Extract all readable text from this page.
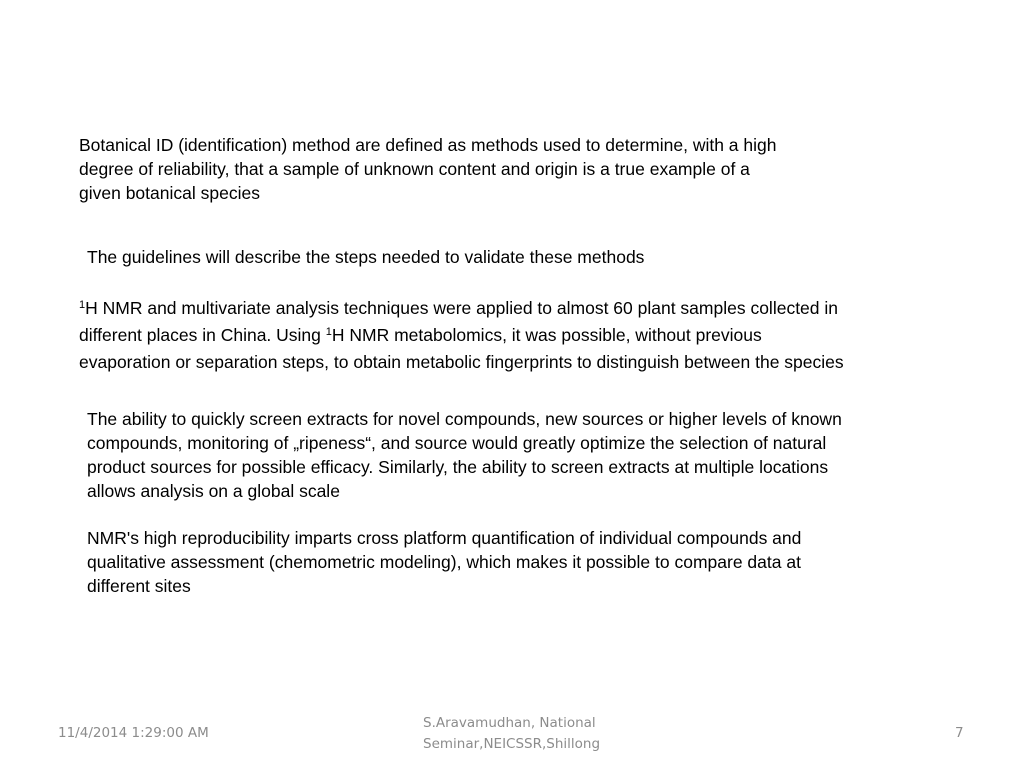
Botanical ID (identification) method are defined as methods used to determine, with a high
degree of reliability, that a sample of unknown content and origin is a true example of a
given botanical species

The guidelines will describe the steps needed to validate these methods

$^1$H NMR and multivariate analysis techniques were applied to almost 60 plant samples collected in
different places in China. Using $^1$H NMR metabolomics, it was possible, without previous
evaporation or separation steps, to obtain metabolic fingerprints to distinguish between the species

The ability to quickly screen extracts for novel compounds, new sources or higher levels of known
compounds, monitoring of „ripeness“, and source would greatly optimize the selection of natural
product sources for possible efficacy. Similarly, the ability to screen extracts at multiple locations
allows analysis on a global scale

NMR's high reproducibility imparts cross platform quantification of individual compounds and
qualitative assessment (chemometric modeling), which makes it possible to compare data at
different sites

11/4/2014 1:29:00 AM

S.Aravamudhan, National
Seminar,NEICSSR,Shillong

7
